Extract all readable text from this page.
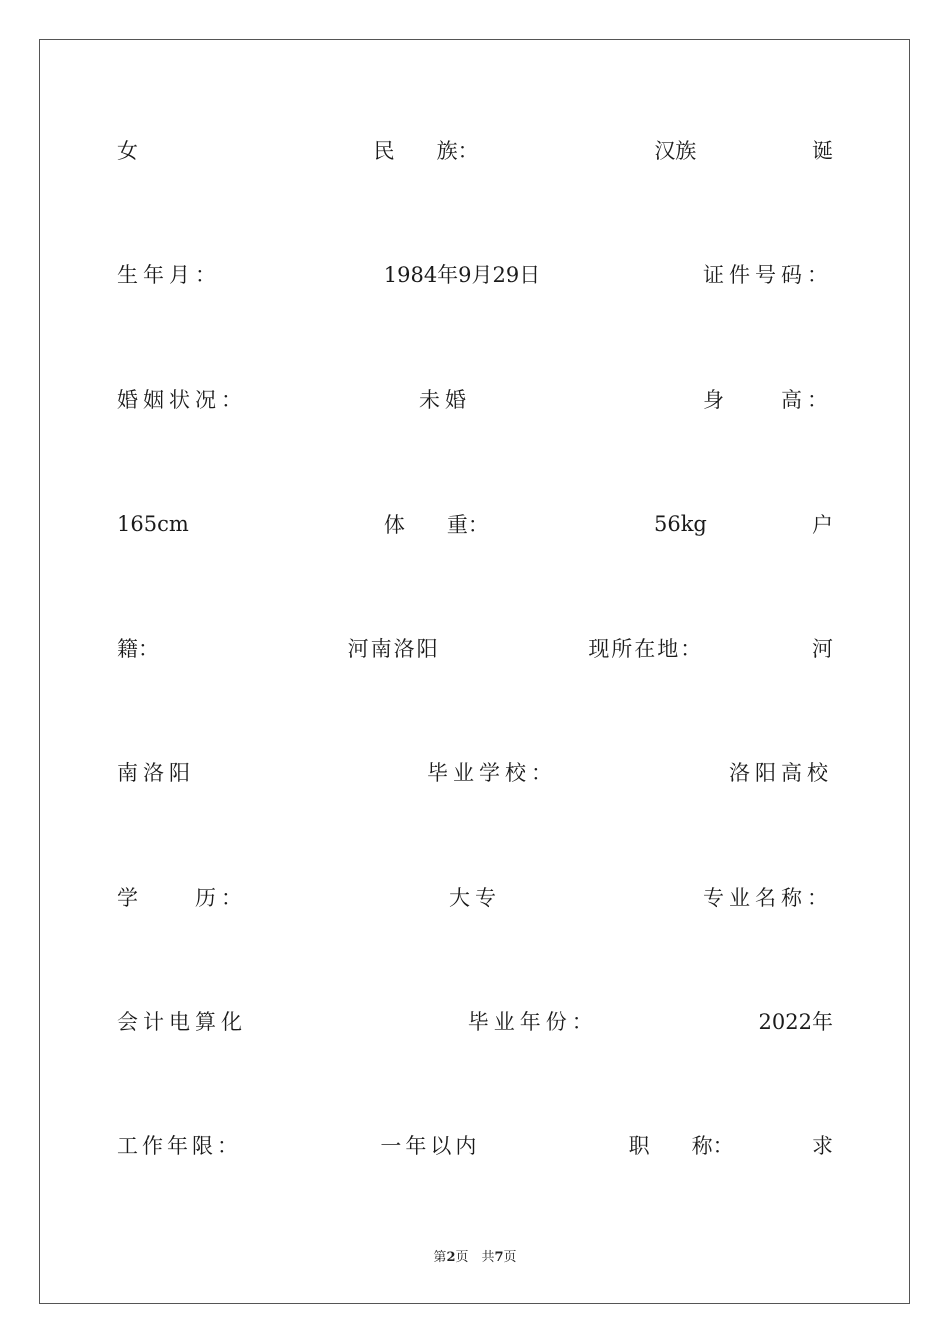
女	民　　族：	汉族	诞
生年月：	1984年9月29日	证件号码：
婚姻状况：	未婚	身　　高：
165cm	体　　重：	56kg	户
籍：	河南洛阳	现所在地：	河
南洛阳	毕业学校：	洛阳高校
学　　历：	大专	专业名称：
会计电算化	毕业年份：	2022年
工作年限：	一年以内	职　　称：	求
第2页　共7页
